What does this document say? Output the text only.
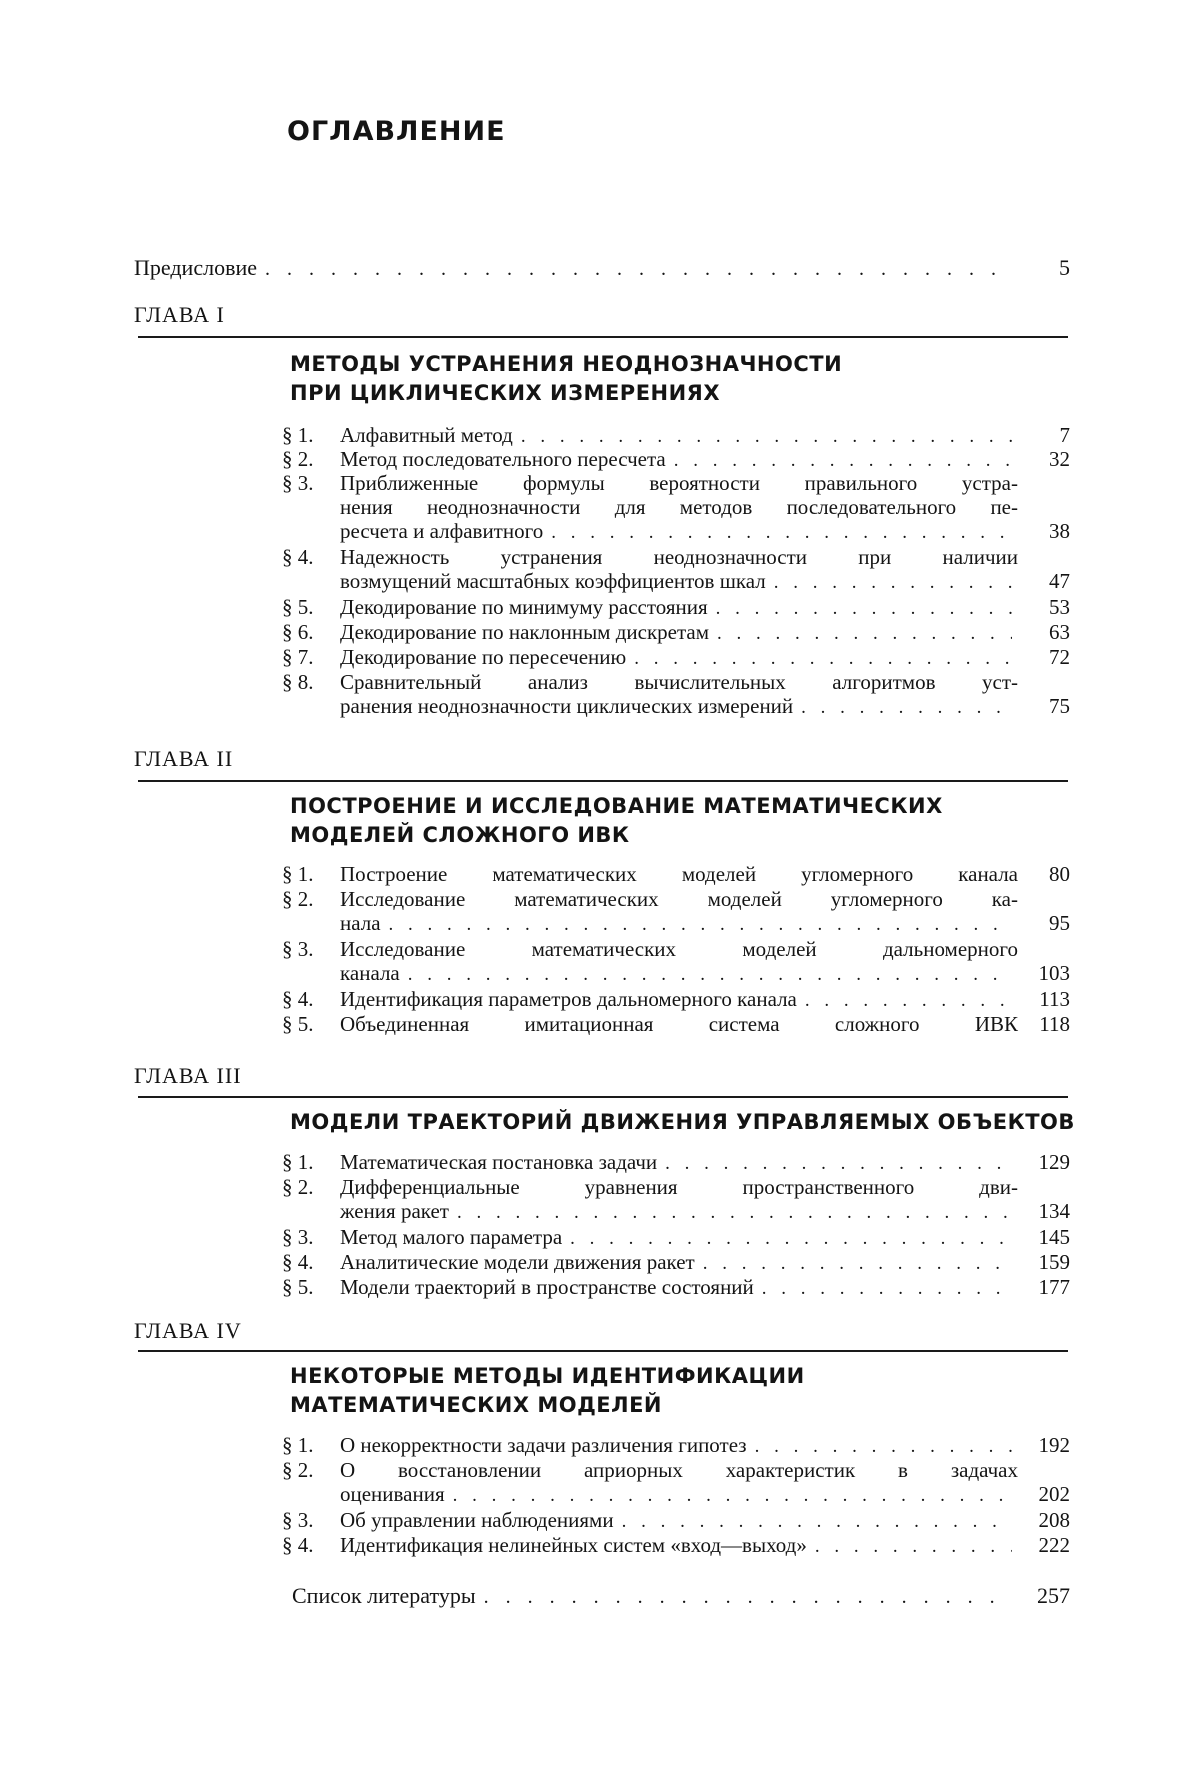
ОГЛАВЛЕНИЕ
Предисловие . . .	5
ГЛАВА I
МЕТОДЫ УСТРАНЕНИЯ НЕОДНОЗНАЧНОСТИ
ПРИ ЦИКЛИЧЕСКИХ ИЗМЕРЕНИЯХ
§ 1.	Алфавитный метод . . .	7
§ 2.	Метод последовательного пересчета . . .	32
§ 3.	Приближенные формулы вероятности правильного устра-
нения неоднозначности для методов последовательного пе-
ресчета и алфавитного . . .	38
§ 4.	Надежность устранения неоднозначности при наличии
возмущений масштабных коэффициентов шкал . . .	47
§ 5.	Декодирование по минимуму расстояния . . .	53
§ 6.	Декодирование по наклонным дискретам . . .	63
§ 7.	Декодирование по пересечению . . .	72
§ 8.	Сравнительный анализ вычислительных алгоритмов уст-
ранения неоднозначности циклических измерений . . .	75
ГЛАВА II
ПОСТРОЕНИЕ И ИССЛЕДОВАНИЕ МАТЕМАТИЧЕСКИХ
МОДЕЛЕЙ СЛОЖНОГО ИВК
§ 1.	Построение математических моделей угломерного канала	80
§ 2.	Исследование математических моделей угломерного ка-
нала . . .	95
§ 3.	Исследование математических моделей дальномерного
канала . . .	103
§ 4.	Идентификация параметров дальномерного канала . . .	113
§ 5.	Объединенная имитационная система сложного ИВК	118
ГЛАВА III
МОДЕЛИ ТРАЕКТОРИЙ ДВИЖЕНИЯ УПРАВЛЯЕМЫХ ОБЪЕКТОВ
§ 1.	Математическая постановка задачи . . .	129
§ 2.	Дифференциальные уравнения пространственного дви-
жения ракет . . .	134
§ 3.	Метод малого параметра . . .	145
§ 4.	Аналитические модели движения ракет . . .	159
§ 5.	Модели траекторий в пространстве состояний . . .	177
ГЛАВА IV
НЕКОТОРЫЕ МЕТОДЫ ИДЕНТИФИКАЦИИ
МАТЕМАТИЧЕСКИХ МОДЕЛЕЙ
§ 1.	О некорректности задачи различения гипотез . . .	192
§ 2.	О восстановлении априорных характеристик в задачах
оценивания . . .	202
§ 3.	Об управлении наблюдениями . . .	208
§ 4.	Идентификация нелинейных систем «вход—выход» . . .	222
Список литературы . . .	257
